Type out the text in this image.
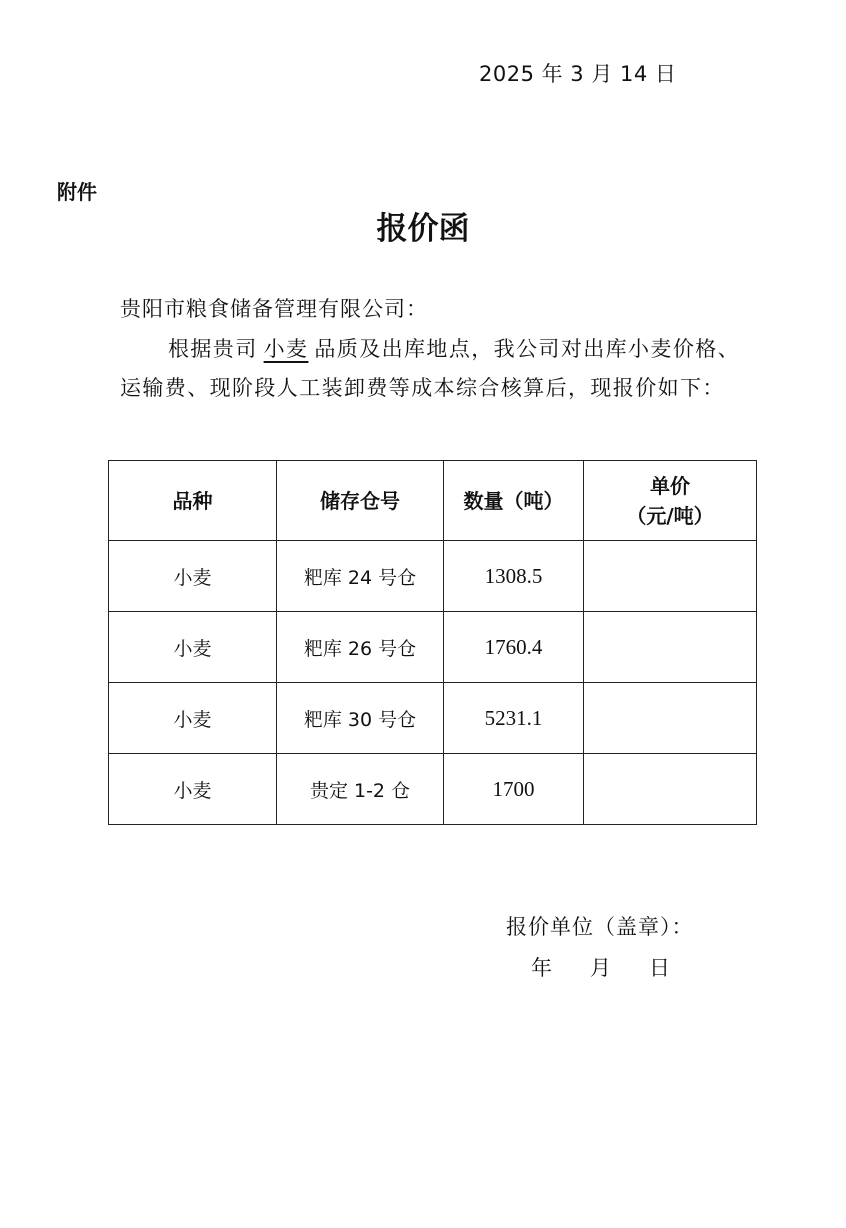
2025 年 3 月 14 日
附件
报价函
贵阳市粮食储备管理有限公司：

根据贵司 小麦 品质及出库地点，我公司对出库小麦价格、运输费、现阶段人工装卸费等成本综合核算后，现报价如下：

品种	储存仓号	数量（吨）	单价
（元/吨）

小麦	粑库 24 号仓	1308.5	
小麦	粑库 26 号仓	1760.4	
小麦	粑库 30 号仓	5231.1	
小麦	贵定 1-2 仓	1700	
报价单位（盖章）：
年 月 日
